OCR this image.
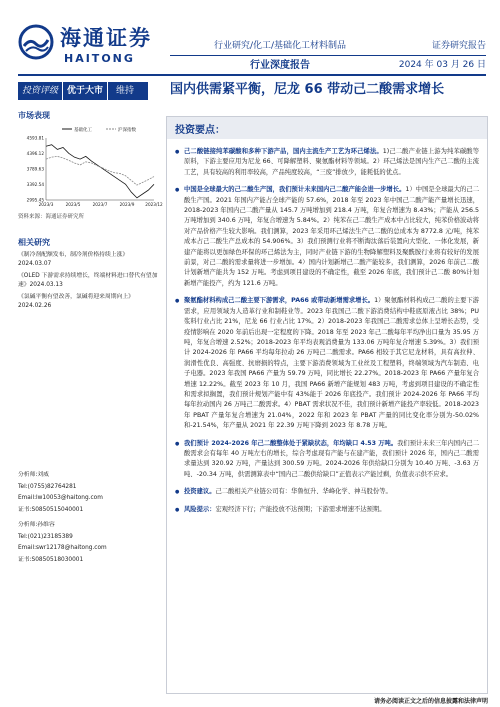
海通证券
HAITONG
行业研究/化工/基础化工材料制品
行业深度报告
证券研究报告
2024 年 03 月 26 日
投资评级	优于大市	维持	国内供需紧平衡，尼龙 66 带动己二酸需求增长
市场表现
基础化工	沪深指数
4593.81
4396.12
3789.63
3392.54
2995.45
2023/3	2023/5	2023/7	2023/9	2023/12
资料来源：海通证券研究所
相关研究
《制冷剂配额发布，制冷剂价格持续上涨》2024.03.07
《OLED 下游需求持续增长，终端材料进口替代有望加速》2024.03.13
《氯碱平衡有望改善，氯碱将迎来周期向上》2024.02.26
分析师:刘威
Tel:(0755)82764281
Email:lw10053@haitong.com
证书:S0850515040001
分析师:孙维容
Tel:(021)23185389
Email:swr12178@haitong.com
证书:S0850518030001
投资要点：
● 己二酸链接纯苯碳酸和多种下游产品，国内主流生产工艺为环己烯法。1)己二酸产业链上游为纯苯碳酸等原料，下游主要应用为尼龙 66、可降解塑料、聚氨酯材料等领域。2）环己烯法是国内生产己二酸的主流工艺，具有较高的利用率较高，产品纯度较高，“三废”排放少，能耗低的优点。
● 中国是全球最大的己二酸生产国，我们预计未来国内己二酸产能会进一步增长。1）中国是全球最大的己二酸生产国。2021 年国内产能占全球产能的 57.6%，2018 年至 2023 年中国己二酸产能产量增长迅速，2018-2023 年国内己二酸产量从 145.7 万吨增加到 218.4 万吨，年复合增速为 8.43%；产能从 256.5 万吨增加到 340.6 万吨，年复合增速为 5.84%。2）纯苯在己二酸生产成本中占比较大，纯苯价格波动将对产品价格产生较大影响。我们测算，2023 年采用环己烯法生产己二酸的总成本为 8772.8 元/吨，纯苯成本占己二酸生产总成本的 54.906%。3）我们预测行业将不断淘汰落后装置向大型化、一体化发展，新建产能将以更加绿色环保的环己烯法为主，同时产业链下游的生物降解塑料及聚酰胺行业将有较好的发展前景，对己二酸的需求量将进一步增加。4）国内计划新增己二酸产能较多，我们测算，2026 年前己二酸计划新增产能共为 152 万吨。考虑到项目建设的不确定性，截至 2026 年底，我们预计己二酸 80%计划新增产能投产，约为 121.6 万吨。
● 聚氨酯材料构成己二酸主要下游需求，PA66 或带动新增需求增长。1）聚氨酯材料构成己二酸的主要下游需求，应用领域为人造革行业和制鞋业等。2023 年我国己二酸下游消费结构中鞋底原液占比 38%；PU 浆料行业占比 21%，尼龙 66 行业占比 17%。2）2018-2023 年我国己二酸需求总体上呈增长态势，受疫情影响在 2020 年前后出现一定程度的下降。2018 年至 2023 年己二酸每年平均净出口量为 35.95 万吨，年复合增速 2.52%；2018-2023 年平均表观消费量为 133.06 万吨年复合增速 5.39%。3）我们预计 2024-2026 年 PA66 平均每年拉动 26 万吨己二酸需求。PA66 相较于其它尼龙材料，具有高拉伸、润滑性优良、高强度、抗磨损的特点，主要下游消费领域为工业丝及工程塑料，终端领域为汽车制造、电子电器。2023 年我国 PA66 产量为 59.79 万吨，同比增长 22.27%。2018-2023 年 PA66 产量年复合增速 12.22%。截至 2023 年 10 月，我国 PA66 新增产能规划 483 万吨，考虑到项目建设的不确定性和需求拟搁置，我们预计规划产能中有 43%能于 2026 年底投产。我们预计 2024-2026 年 PA66 平均每年拉动国内 26 万吨己二酸需求。4）PBAT 需求状况不佳，我们预计新增产能投产率较低。2018-2023 年 PBAT 产量年复合增速为 21.04%，2022 年和 2023 年 PBAT 产量的同比变化率分别为-50.02%和-21.54%，年产量从 2021 年 22.39 万吨下降到 2023 年 8.78 万吨。
● 我们预计 2024-2026 年己二酸整体处于紧缺状态，年均缺口 4.53 万吨。我们预计未来三年内国内己二酸需求会有每年 40 万吨左右的增长，综合考虑现有产能与在建产能，我们预计 2026 年，国内己二酸需求量达到 320.92 万吨，产量达到 300.59 万吨。2024-2026 年供给缺口分别为 10.40 万吨、-3.63 万吨、-20.34 万吨，供需测算表中“国内己二酸供给缺口”正值表示产能过剩，负值表示供不应求。
● 投资建议。己二酸相关产业链公司有：华鲁恒升、华峰化学、神马股份等。
● 风险提示：宏观经济下行；产能投放不达预期；下游需求增速不达预期。
请务必阅读正文之后的信息披露和法律声明
